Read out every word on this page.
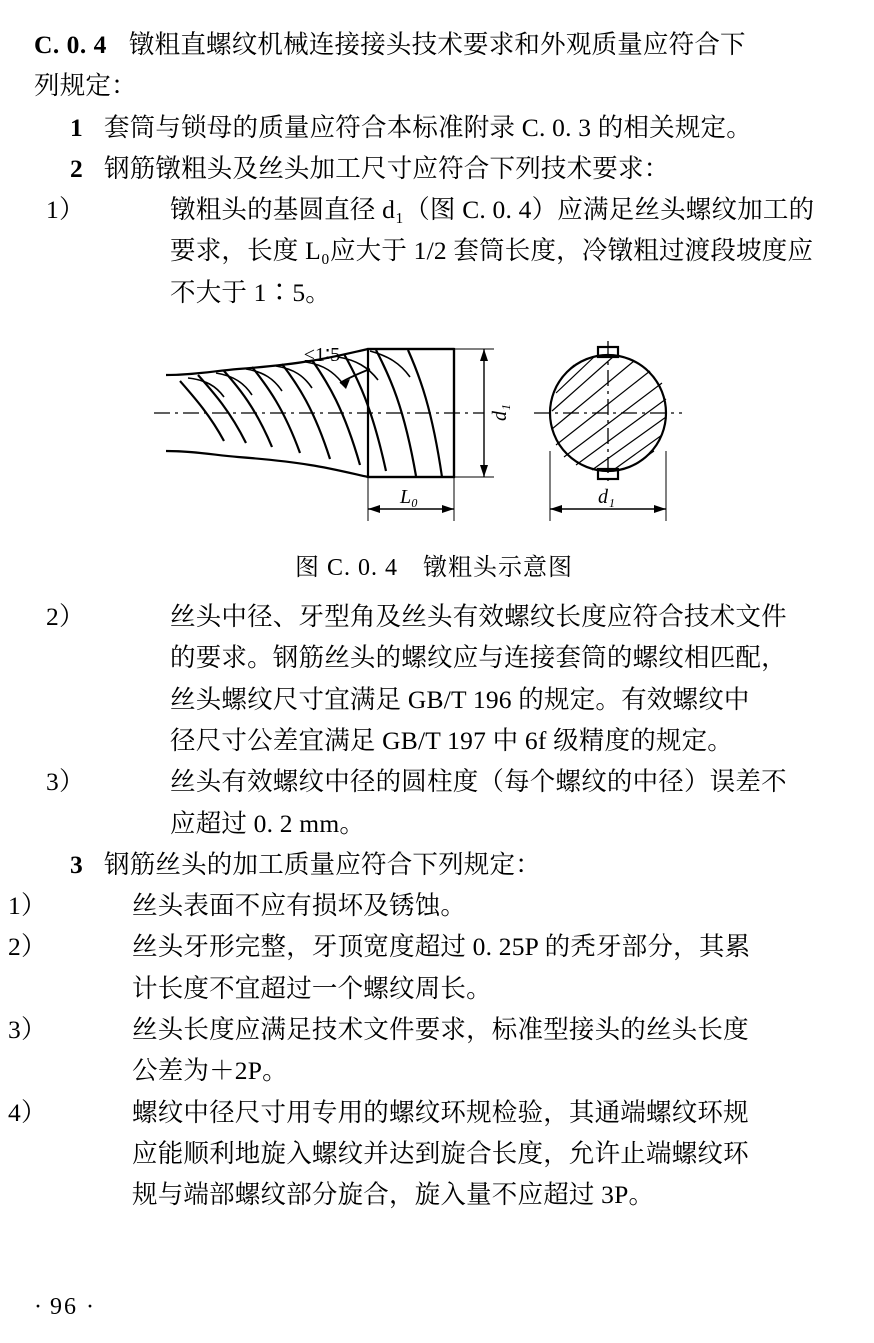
C. 0. 4 镦粗直螺纹机械连接接头技术要求和外观质量应符合下
列规定：
1 套筒与锁母的质量应符合本标准附录 C. 0. 3 的相关规定。
2 钢筋镦粗头及丝头加工尺寸应符合下列技术要求：
1）	镦粗头的基圆直径 d₁（图 C. 0. 4）应满足丝头螺纹加工的
要求，长度 L₀应大于 1/2 套筒长度，冷镦粗过渡段坡度应
不大于 1∶5。
≤1∶5
d₁
L₀	d₁
图 C. 0. 4　镦粗头示意图
2）	丝头中径、牙型角及丝头有效螺纹长度应符合技术文件
的要求。钢筋丝头的螺纹应与连接套筒的螺纹相匹配，
丝头螺纹尺寸宜满足 GB/T 196 的规定。有效螺纹中
径尺寸公差宜满足 GB/T 197 中 6f 级精度的规定。
3）	丝头有效螺纹中径的圆柱度（每个螺纹的中径）误差不
应超过 0. 2 mm。
3 钢筋丝头的加工质量应符合下列规定：
1）	丝头表面不应有损坏及锈蚀。
2）	丝头牙形完整，牙顶宽度超过 0. 25P 的秃牙部分，其累
计长度不宜超过一个螺纹周长。
3）	丝头长度应满足技术文件要求，标准型接头的丝头长度
公差为＋2P。
4）	螺纹中径尺寸用专用的螺纹环规检验，其通端螺纹环规
应能顺利地旋入螺纹并达到旋合长度，允许止端螺纹环
规与端部螺纹部分旋合，旋入量不应超过 3P。
· 96 ·
